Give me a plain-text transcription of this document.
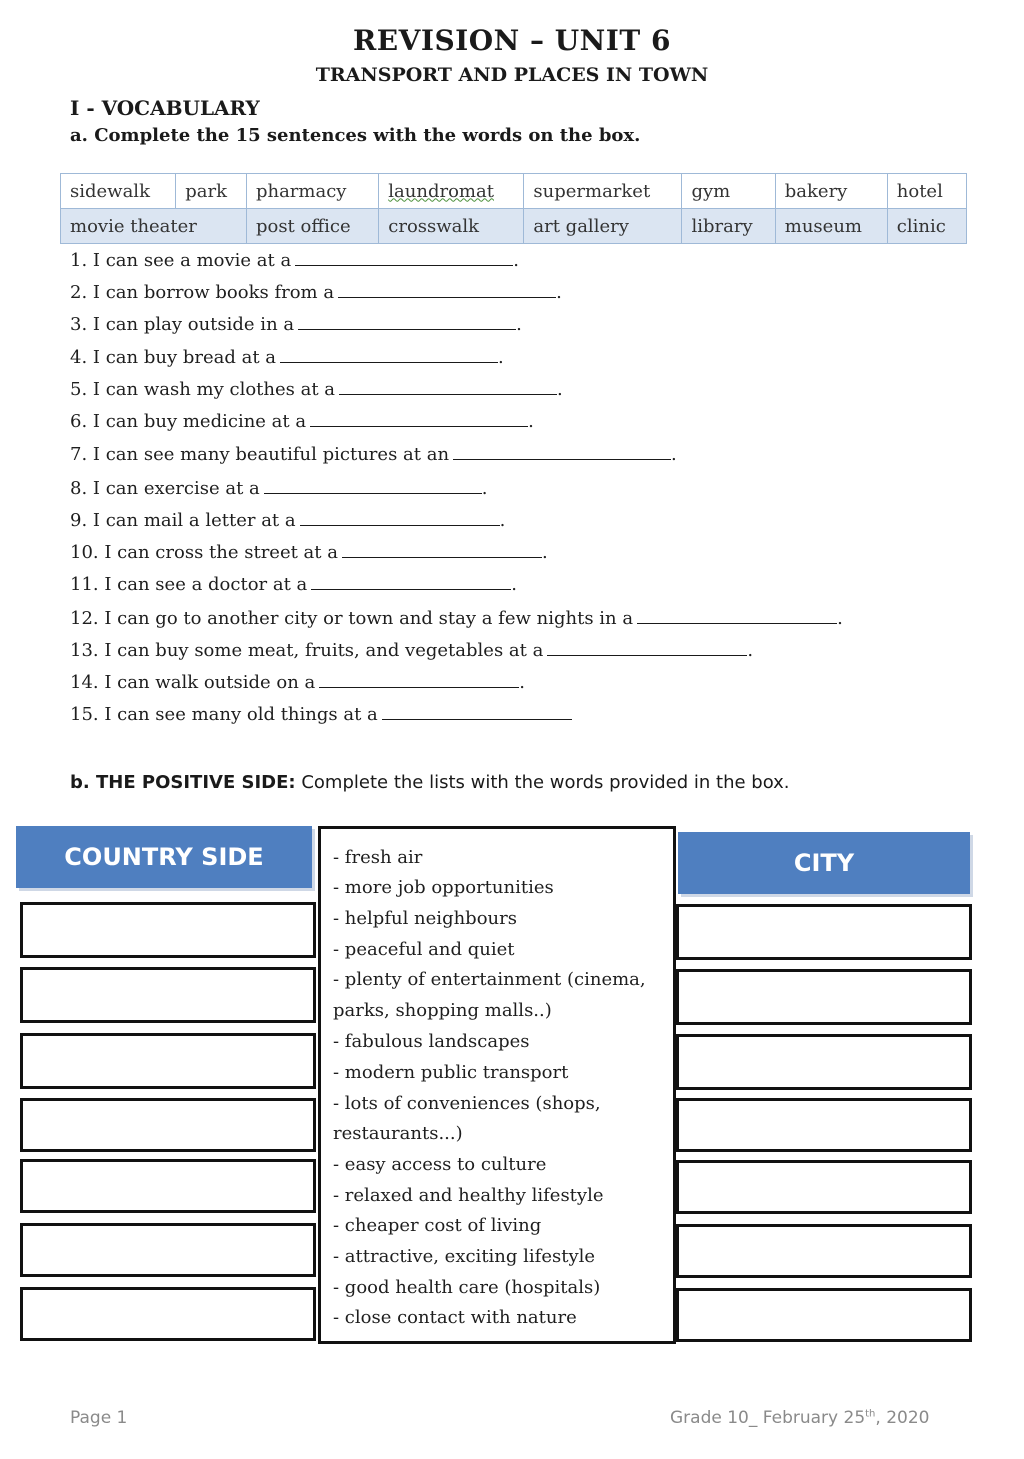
REVISION – UNIT 6
TRANSPORT AND PLACES IN TOWN
I - VOCABULARY
a. Complete the 15 sentences with the words on the box.
sidewalk	park	pharmacy	laundromat	supermarket	gym	bakery	hotel
movie theater		post office	crosswalk	art gallery	library	museum	clinic
1. I can see a movie at a	.
2. I can borrow books from a	.
3. I can play outside in a	.
4. I can buy bread at a	.
5. I can wash my clothes at a	.
6. I can buy medicine at a	.
7. I can see many beautiful pictures at an	.
8. I can exercise at a	.
9. I can mail a letter at a	.
10. I can cross the street at a	.
11. I can see a doctor at a	.
12. I can go to another city or town and stay a few nights in a	.
13. I can buy some meat, fruits, and vegetables at a	.
14. I can walk outside on a	.
15. I can see many old things at a
b. THE POSITIVE SIDE: Complete the lists with the words provided in the box.
COUNTRY SIDE	CITY
- fresh air
- more job opportunities
- helpful neighbours
- peaceful and quiet
- plenty of entertainment (cinema,
parks, shopping malls..)
- fabulous landscapes
- modern public transport
- lots of conveniences (shops,
restaurants...)
- easy access to culture
- relaxed and healthy lifestyle
- cheaper cost of living
- attractive, exciting lifestyle
- good health care (hospitals)
- close contact with nature
Page 1	Grade 10_ February 25th, 2020
